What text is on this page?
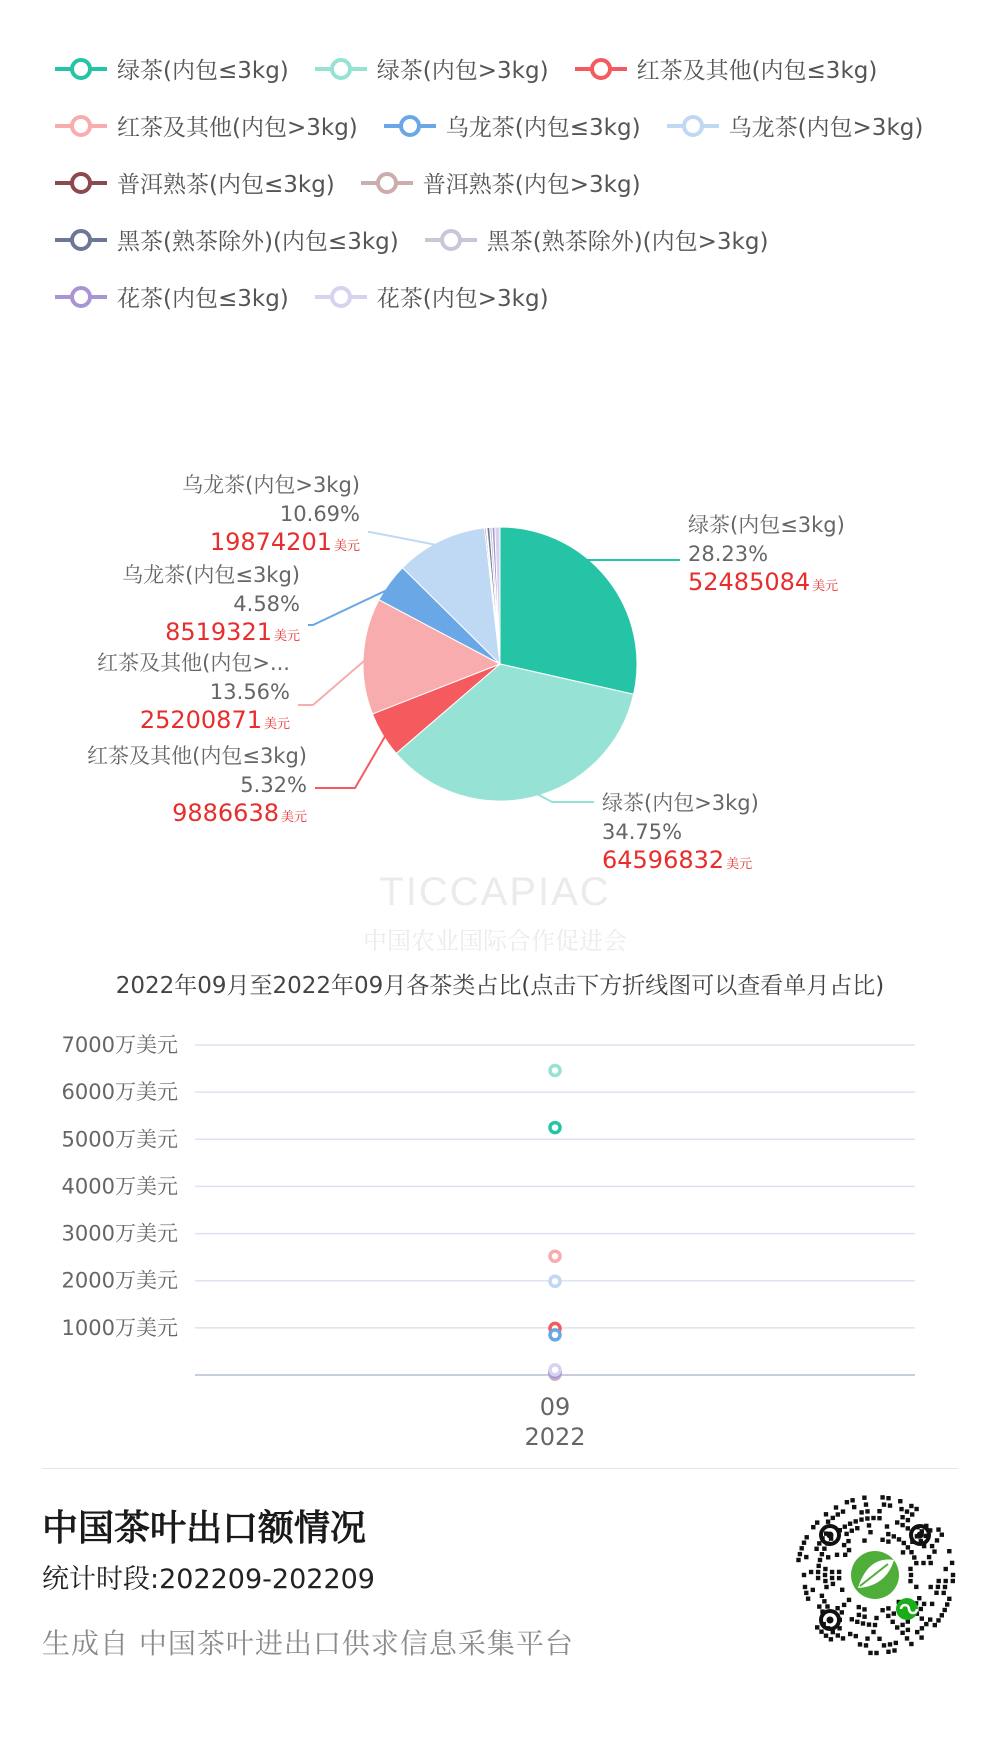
绿茶(内包≤3kg)	绿茶(内包>3kg)	红茶及其他(内包≤3kg)
红茶及其他(内包>3kg)	乌龙茶(内包≤3kg)	乌龙茶(内包>3kg)
普洱熟茶(内包≤3kg)	普洱熟茶(内包>3kg)
黑茶(熟茶除外)(内包≤3kg)	黑茶(熟茶除外)(内包>3kg)
花茶(内包≤3kg)	花茶(内包>3kg)
绿茶(内包≤3kg)
28.23%
52485084 美元
绿茶(内包>3kg)
34.75%
64596832 美元
红茶及其他(内包≤3kg)
5.32%
9886638 美元
红茶及其他(内包>...
13.56%
25200871 美元
乌龙茶(内包≤3kg)
4.58%
8519321 美元
乌龙茶(内包>3kg)
10.69%
19874201 美元
TICCAPIAC
中国农业国际合作促进会
2022年09月至2022年09月各茶类占比(点击下方折线图可以查看单月占比)
1000万美元
2000万美元
3000万美元
4000万美元
5000万美元
6000万美元
7000万美元
09
2022
中国茶叶出口额情况
统计时段:202209-202209
生成自 中国茶叶进出口供求信息采集平台
